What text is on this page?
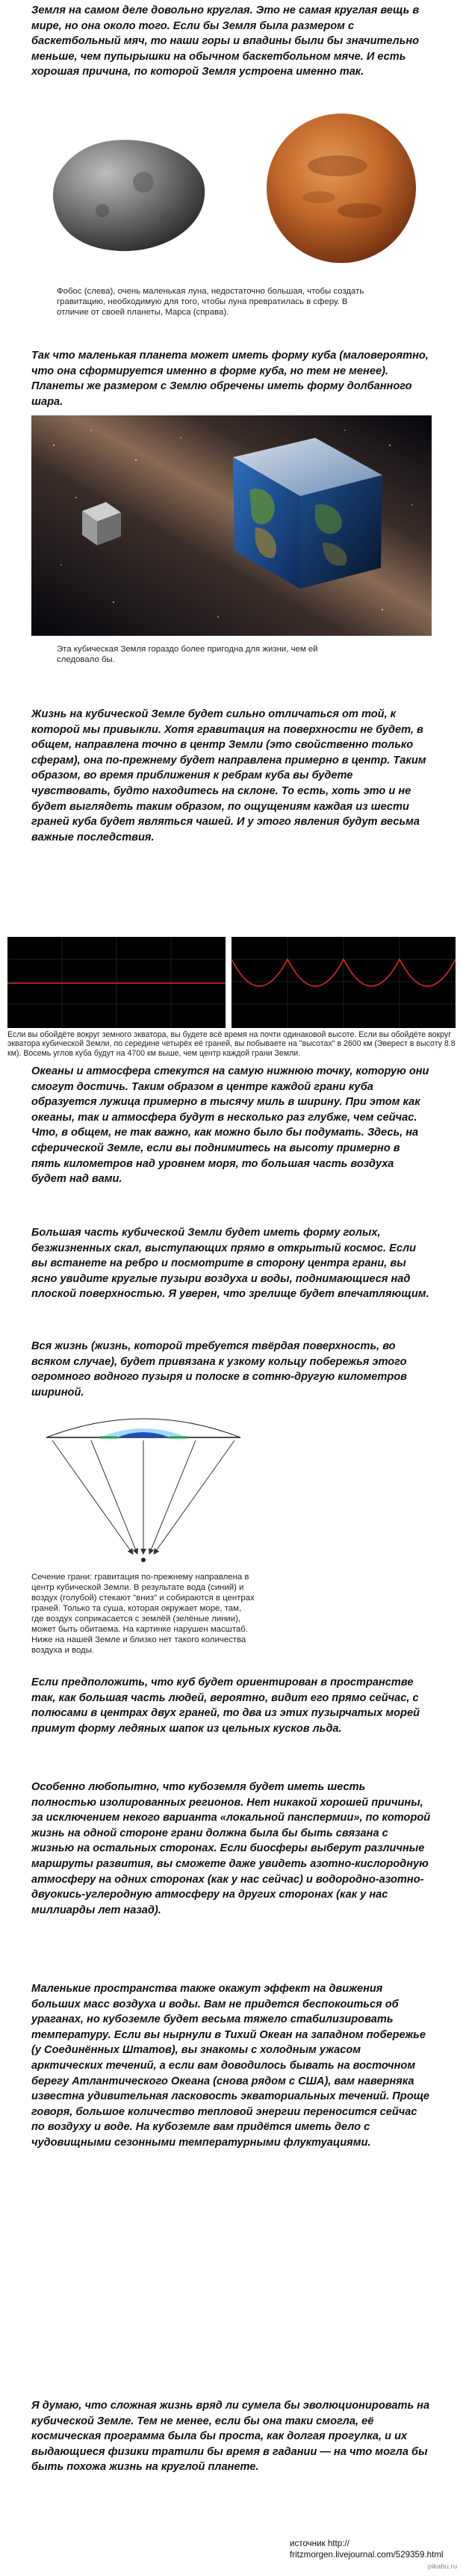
Земля на самом деле довольно круглая. Это не самая круглая вещь в мире, но она около того. Если бы Земля была размером с баскетбольный мяч, то наши горы и впадины были бы значительно меньше, чем пупырышки на обычном баскетбольном мяче. И есть хорошая причина, по которой Земля устроена именно так.

Фобос (слева), очень маленькая луна, недостаточно большая, чтобы создать гравитацию, необходимую для того, чтобы луна превратилась в сферу. В отличие от своей планеты, Марса (справа).

Так что маленькая планета может иметь форму куба (маловероятно, что она сформируется именно в форме куба, но тем не менее). Планеты же размером с Землю обречены иметь форму долбанного шара.

Эта кубическая Земля гораздо более пригодна для жизни, чем ей следовало бы.

Жизнь на кубической Земле будет сильно отличаться от той, к которой мы привыкли. Хотя гравитация на поверхности не будет, в общем, направлена точно в центр Земли (это свойственно только сферам), она по-прежнему будет направлена примерно в центр. Таким образом, во время приближения к ребрам куба вы будете чувствовать, будто находитесь на склоне. То есть, хоть это и не будет выглядеть таким образом, по ощущениям каждая из шести граней куба будет являться чашей. И у этого явления будут весьма важные последствия.

Если вы обойдёте вокруг земного экватора, вы будете всё время на почти одинаковой высоте. Если вы обойдёте вокруг экватора кубической Земли, по середине четырёх её граней, вы побываете на "высотах" в 2600 км (Эверест в высоту 8.8 км). Восемь углов куба будут на 4700 км выше, чем центр каждой грани Земли.

Океаны и атмосфера стекутся на самую нижнюю точку, которую они смогут достичь. Таким образом в центре каждой грани куба образуется лужица примерно в тысячу миль в ширину. При этом как океаны, так и атмосфера будут в несколько раз глубже, чем сейчас. Что, в общем, не так важно, как можно было бы подумать. Здесь, на сферической Земле, если вы поднимитесь на высоту примерно в пять километров над уровнем моря, то большая часть воздуха будет над вами.

Большая часть кубической Земли будет иметь форму голых, безжизненных скал, выступающих прямо в открытый космос. Если вы встанете на ребро и посмотрите в сторону центра грани, вы ясно увидите круглые пузыри воздуха и воды, поднимающиеся над плоской поверхностью. Я уверен, что зрелище будет впечатляющим.

Вся жизнь (жизнь, которой требуется твёрдая поверхность, во всяком случае), будет привязана к узкому кольцу побережья этого огромного водного пузыря и полоске в сотню-другую километров шириной.

Сечение грани: гравитация по-прежнему направлена в центр кубической Земли. В результате вода (синий) и воздух (голубой) стекают "вниз" и собираются в центрах граней. Только та суша, которая окружает море, там, где воздух соприкасается с землёй (зелёные линии), может быть обитаема. На картинке нарушен масштаб. Ниже на нашей Земле и близко нет такого количества воздуха и воды.

Если предположить, что куб будет ориентирован в пространстве так, как большая часть людей, вероятно, видит его прямо сейчас, с полюсами в центрах двух граней, то два из этих пузырчатых морей примут форму ледяных шапок из цельных кусков льда.

Особенно любопытно, что кубоземля будет иметь шесть полностью изолированных регионов. Нет никакой хорошей причины, за исключением некого варианта «локальной панспермии», по которой жизнь на одной стороне грани должна была бы быть связана с жизнью на остальных сторонах. Если биосферы выберут различные маршруты развития, вы сможете даже увидеть азотно-кислородную атмосферу на одних сторонах (как у нас сейчас) и водородно-азотно-двуокись-углеродную атмосферу на других сторонах (как у нас миллиарды лет назад).

Маленькие пространства также окажут эффект на движения больших масс воздуха и воды. Вам не придется беспокоиться об ураганах, но кубоземле будет весьма тяжело стабилизировать температуру. Если вы нырнули в Тихий Океан на западном побережье (у Соединённых Штатов), вы знакомы с холодным ужасом арктических течений, а если вам доводилось бывать на восточном берегу Атлантического Океана (снова рядом с США), вам наверняка известна удивительная ласковость экваториальных течений. Проще говоря, большое количество тепловой энергии переносится сейчас по воздуху и воде. На кубоземле вам придётся иметь дело с чудовищными сезонными температурными флуктуациями.

Я думаю, что сложная жизнь вряд ли сумела бы эволюционировать на кубической Земле. Тем не менее, если бы она таки смогла, её космическая программа была бы проста, как долгая прогулка, и их выдающиеся физики тратили бы время в гадании — на что могла бы быть похожа жизнь на круглой планете.

источник http://
fritzmorgen.livejournal.com/529359.html
pikabu.ru
